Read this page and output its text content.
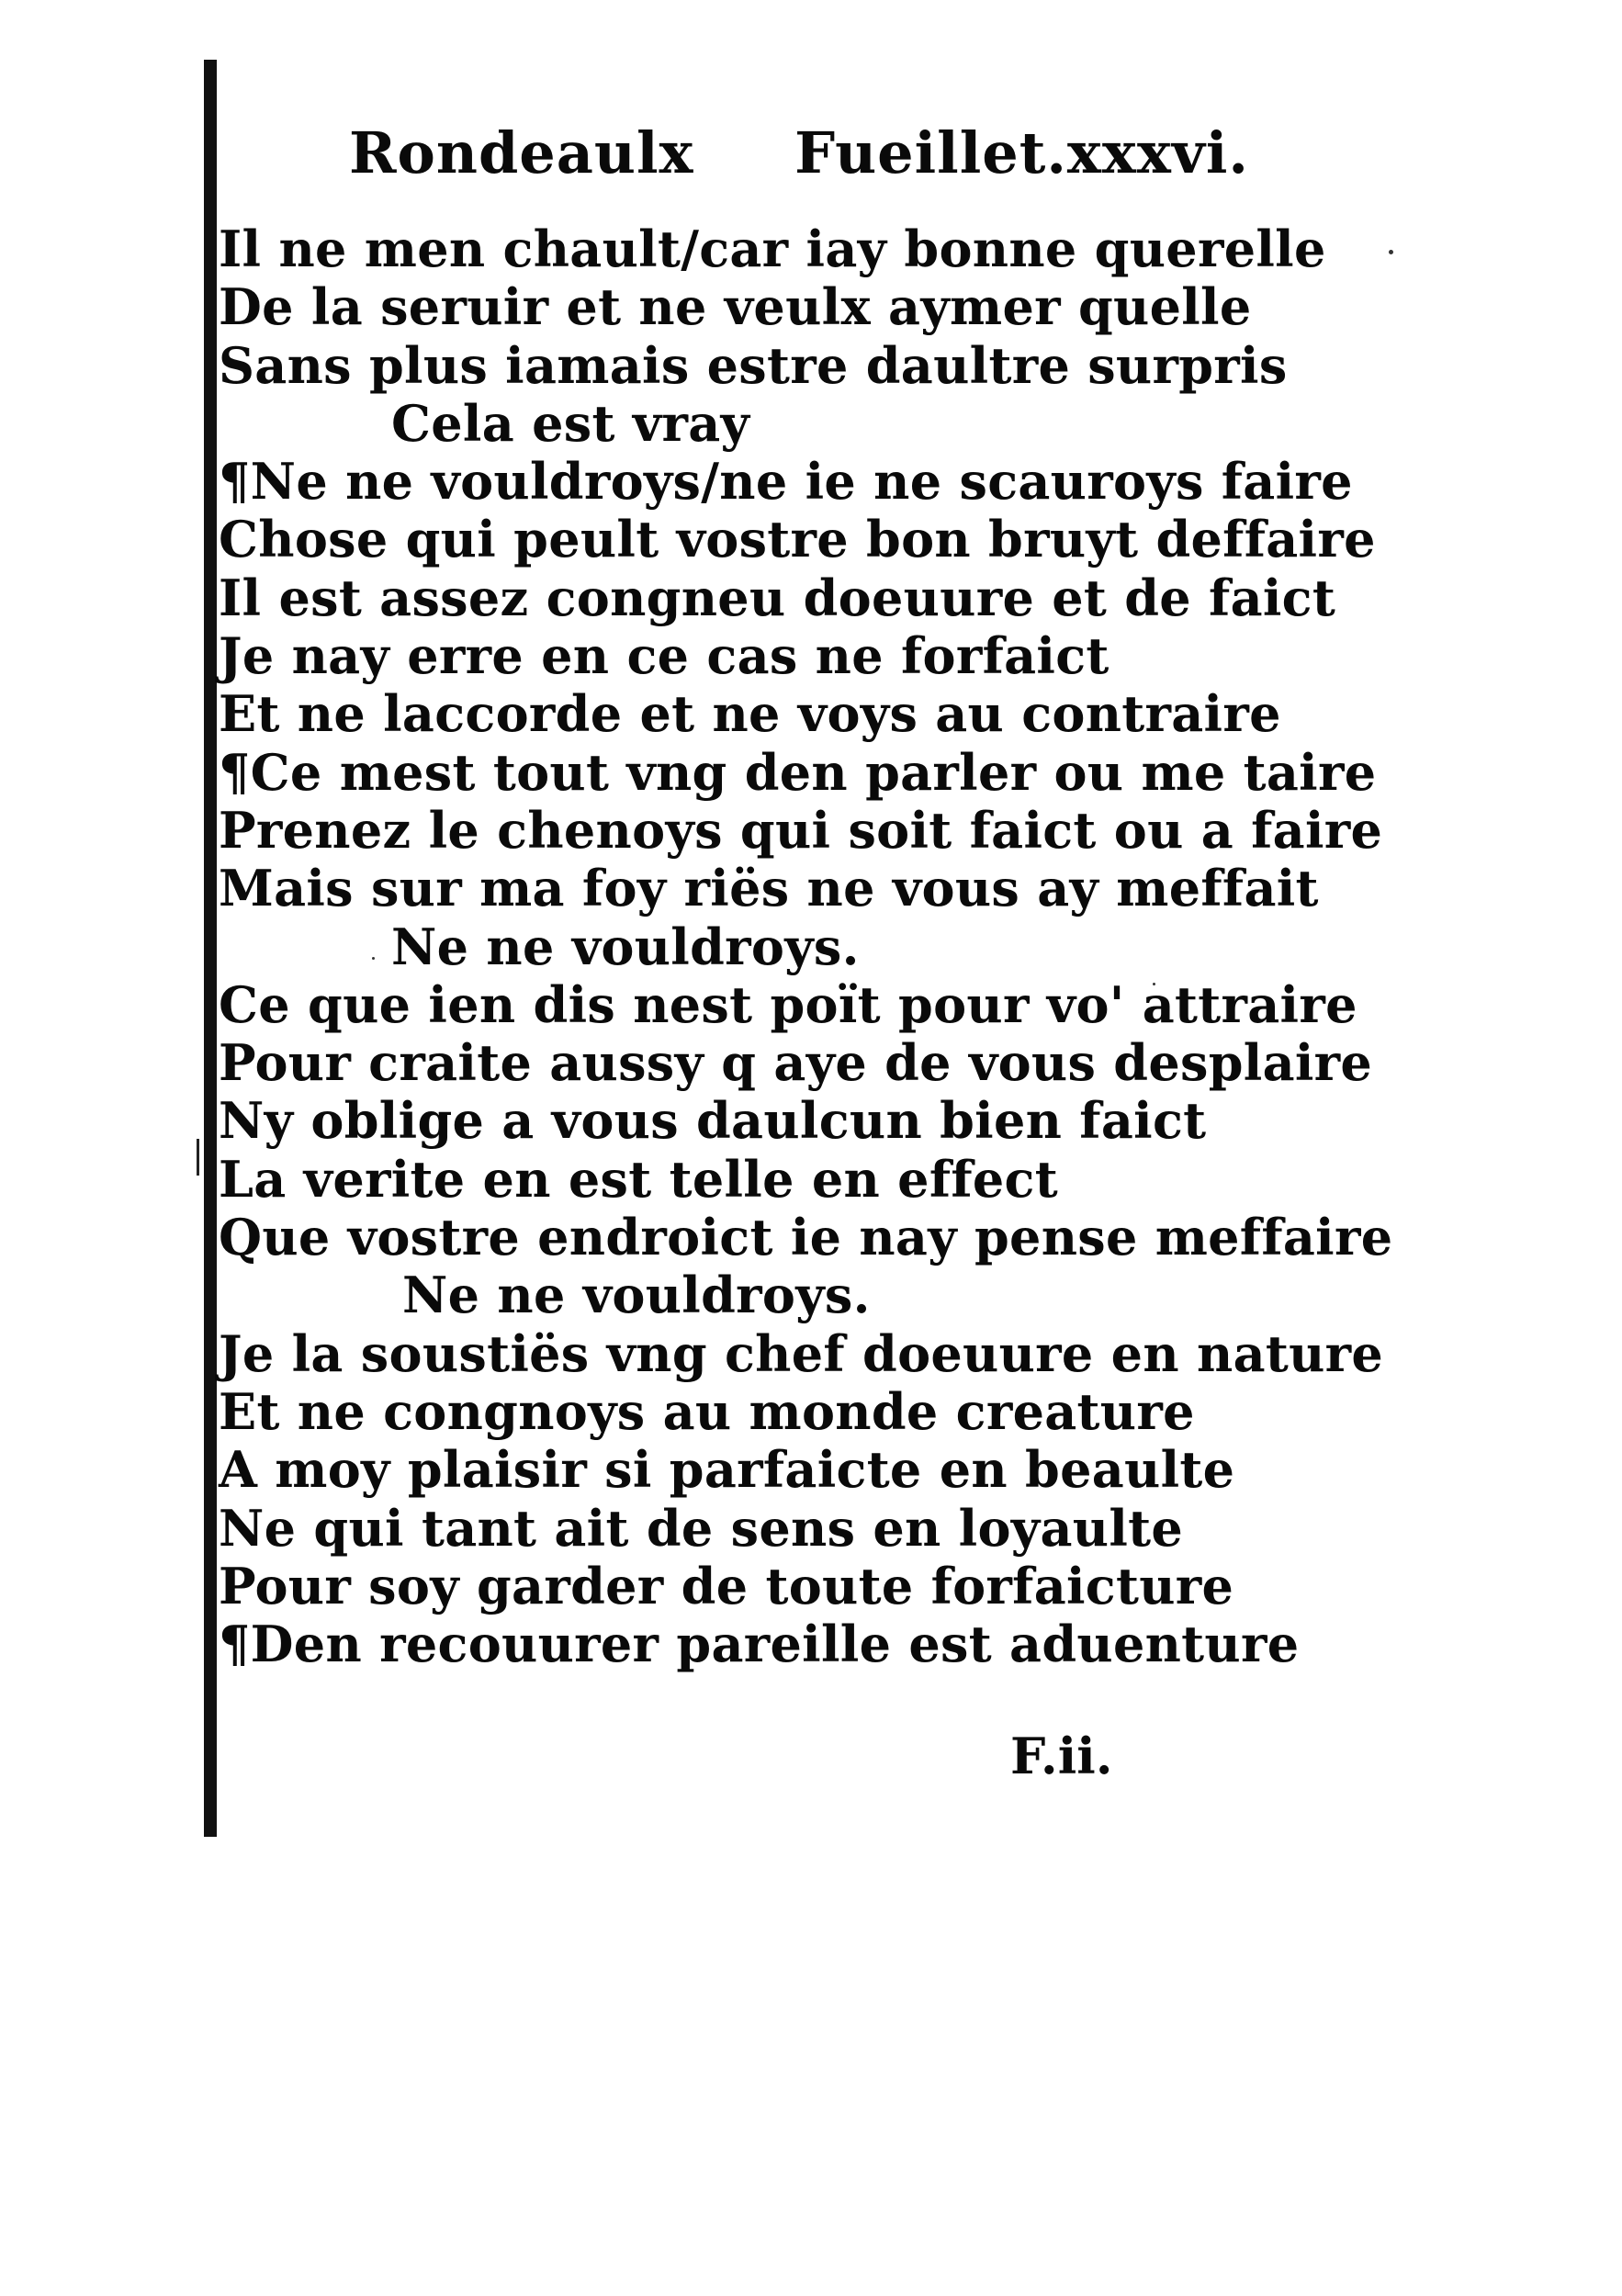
Rondeaulx Fueillet.xxxvi.
Il ne men chault/car iay bonne querelle
De la seruir et ne veulx aymer quelle
Sans plus iamais estre daultre surpris
Cela est vray
¶Ne ne vouldroys/ne ie ne scauroys faire
Chose qui peult vostre bon bruyt deffaire
Il est assez congneu doeuure et de faict
Je nay erre en ce cas ne forfaict
Et ne laccorde et ne voys au contraire
¶Ce mest tout vng den parler ou me taire
Prenez le chenoys qui soit faict ou a faire
Mais sur ma foy riës ne vous ay meffait
Ne ne vouldroys.
Ce que ien dis nest poït pour vo' attraire
Pour craite aussy q aye de vous desplaire
Ny oblige a vous daulcun bien faict
La verite en est telle en effect
Que vostre endroict ie nay pense meffaire
Ne ne vouldroys.
Je la soustiës vng chef doeuure en nature
Et ne congnoys au monde creature
A moy plaisir si parfaicte en beaulte
Ne qui tant ait de sens en loyaulte
Pour soy garder de toute forfaicture
¶Den recouurer pareille est aduenture
F.ii.
